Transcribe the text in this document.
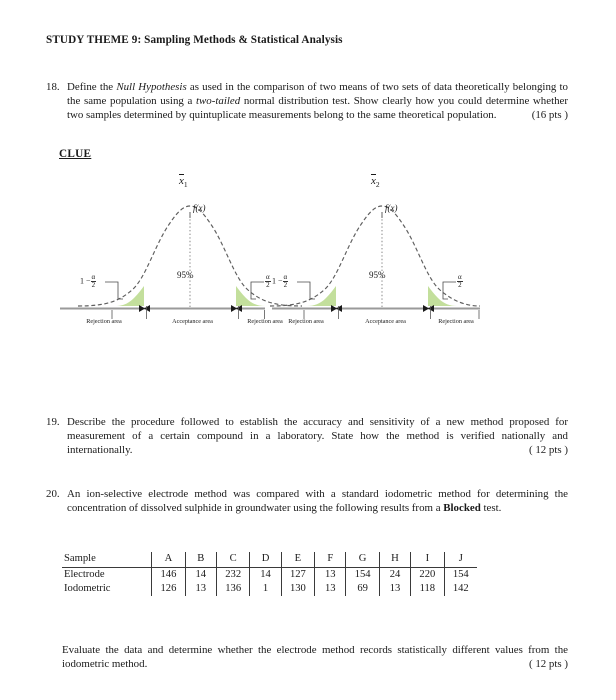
STUDY THEME 9: Sampling Methods & Statistical Analysis
18. Define the Null Hypothesis as used in the comparison of two means of two sets of data theoretically belonging to the same population using a two-tailed normal distribution test. Show clearly how you could determine whether two samples determined by quintuplicate measurements belong to the same theoretical population.	(16 pts )

CLUE
$x_1$
f(x)
95%
$1 - \frac{\alpha}{2}$	$\frac{\alpha}{2}$
Rejection area	Acceptance area	Rejection area
$x_2$
f(x)
95%
$1 - \frac{\alpha}{2}$	$\frac{\alpha}{2}$
Rejection area	Acceptance area	Rejection area
19. Describe the procedure followed to establish the accuracy and sensitivity of a new method proposed for measurement of a certain compound in a laboratory. State how the method is verified nationally and internationally.	( 12 pts )

20. An ion-selective electrode method was compared with a standard iodometric method for determining the concentration of dissolved sulphide in groundwater using the following results from a Blocked test.

Sample	A	B	C	D	E	F	G	H	I	J
Electrode	146	14	232	14	127	13	154	24	220	154
Iodometric	126	13	136	1	130	13	69	13	118	142

Evaluate the data and determine whether the electrode method records statistically different values from the iodometric method.	( 12 pts )
